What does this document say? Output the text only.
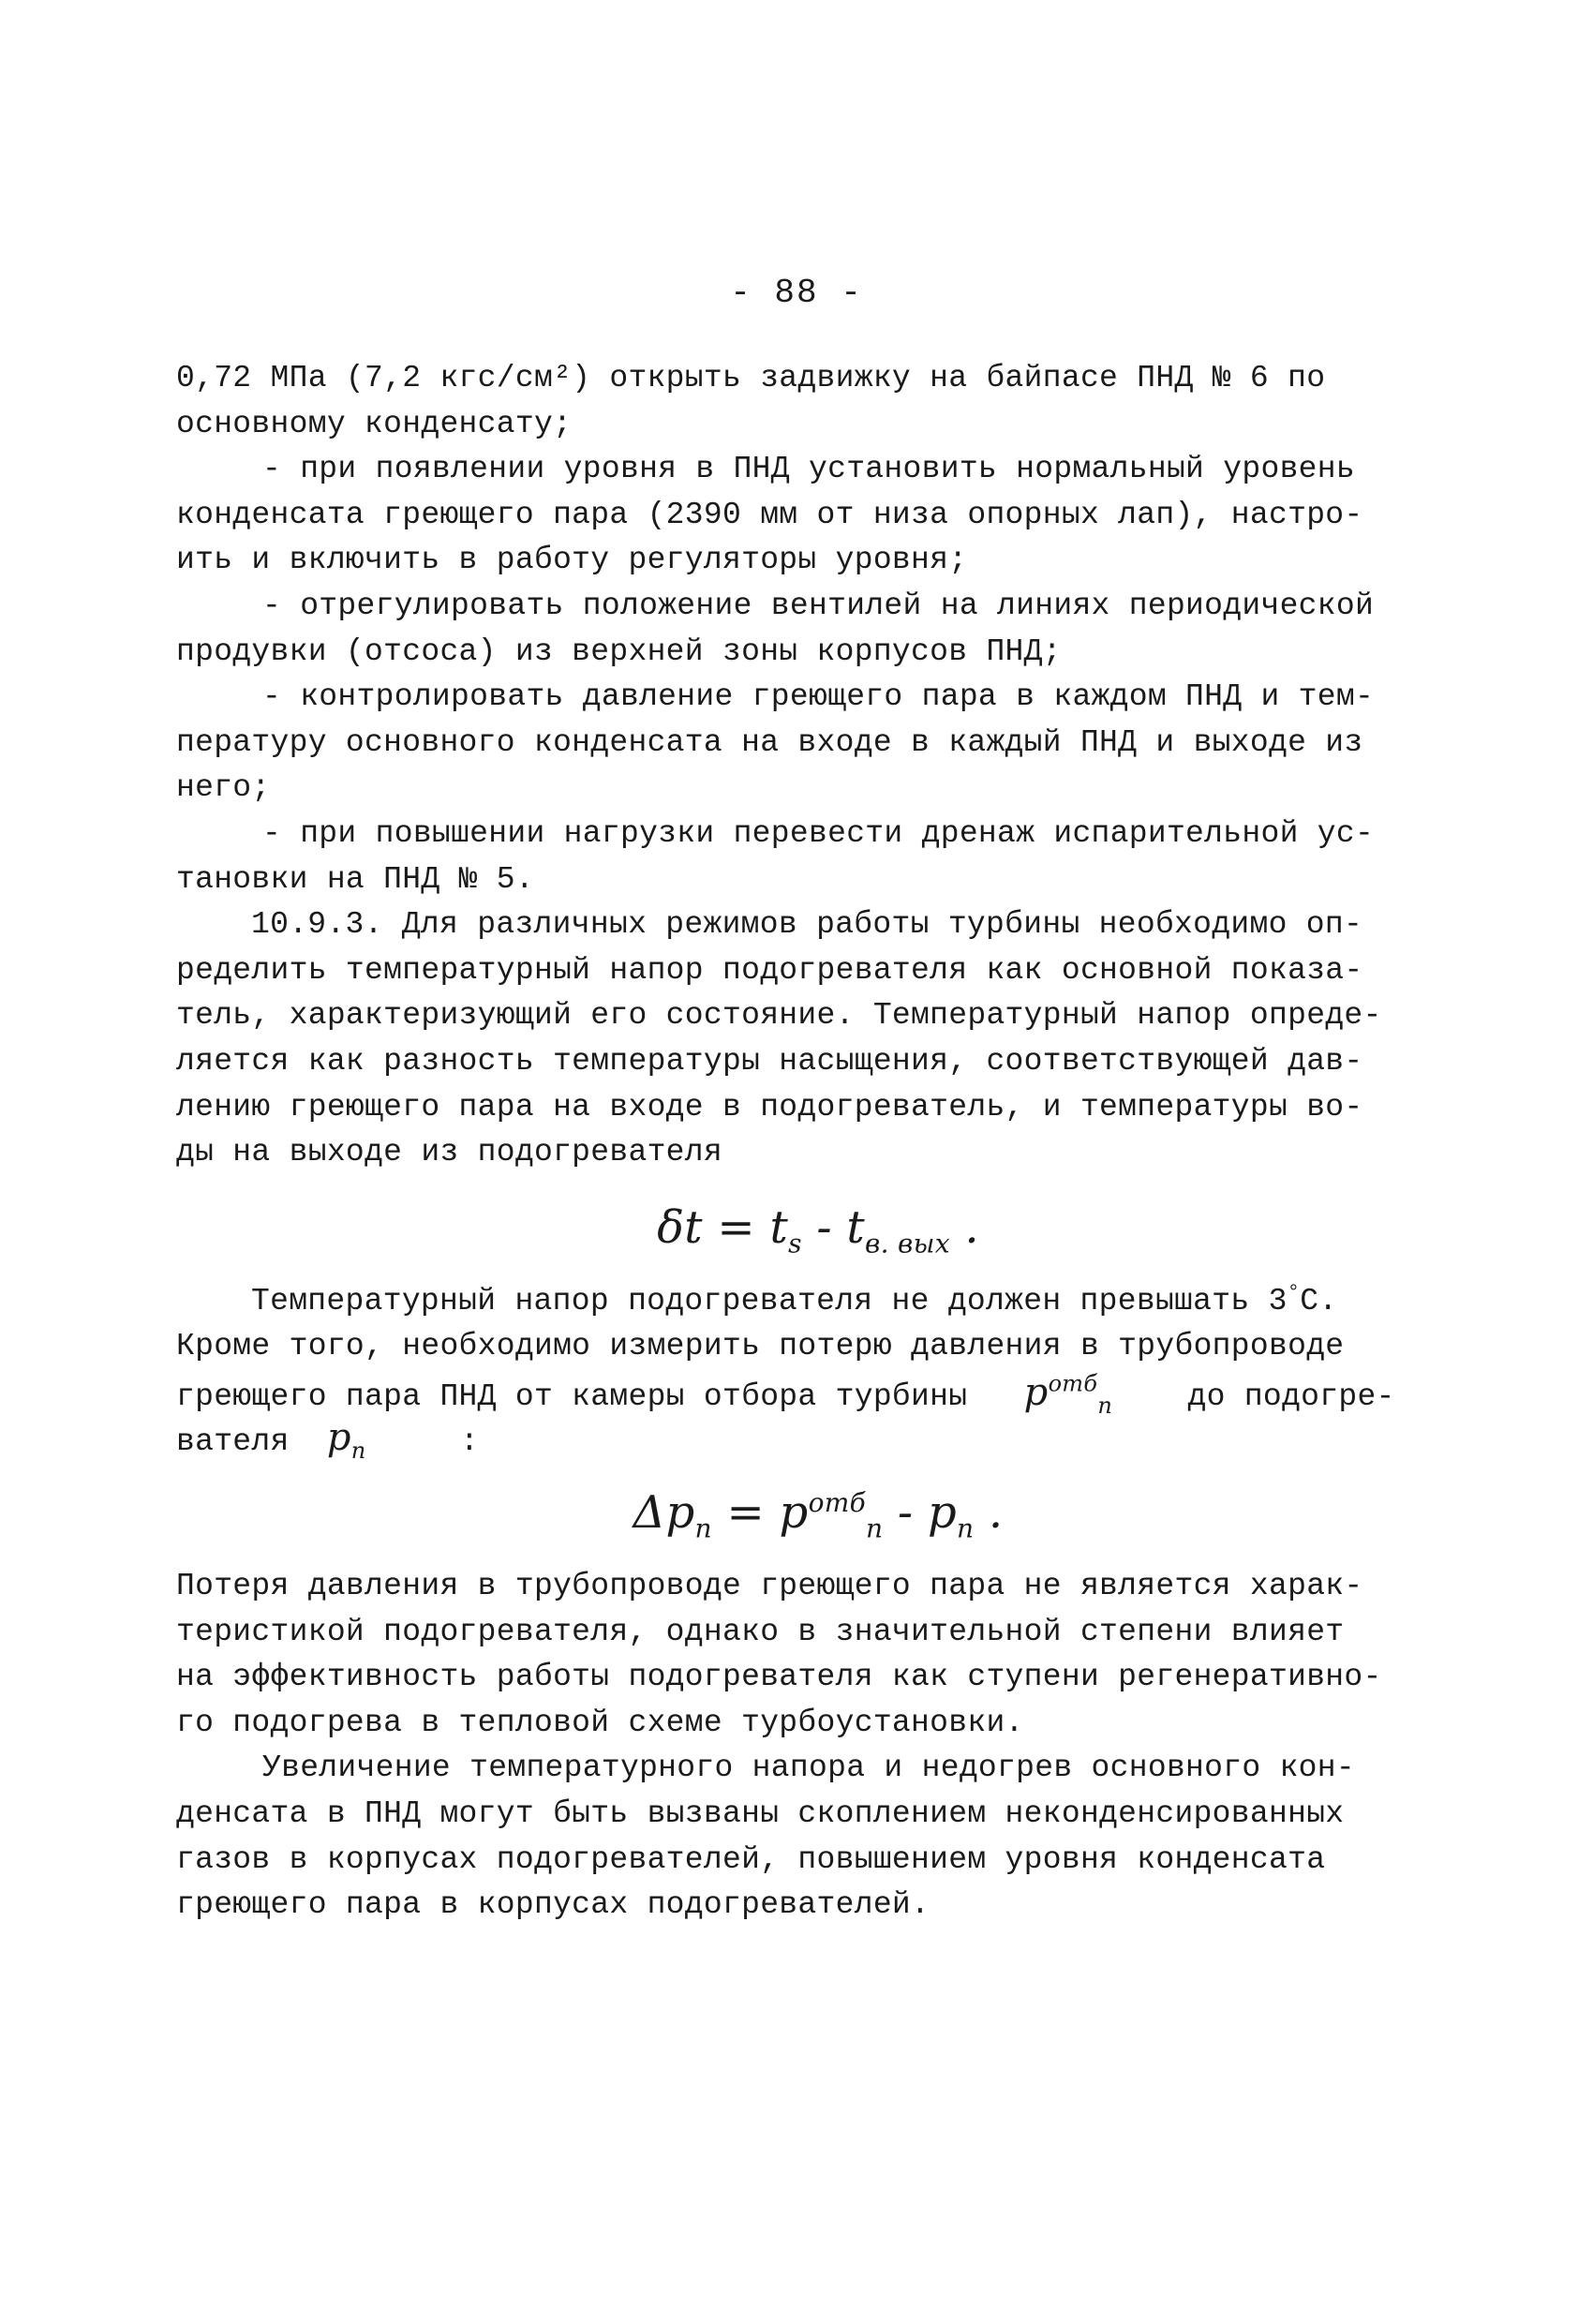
- 88 -
0,72 МПа (7,2 кгс/см²) открыть задвижку на байпасе ПНД № 6 по
основному конденсату;
- при появлении уровня в ПНД установить нормальный уровень
конденсата греющего пара (2390 мм от низа опорных лап), настро-
ить и включить в работу регуляторы уровня;
- отрегулировать положение вентилей на линиях периодической
продувки (отсоса) из верхней зоны корпусов ПНД;
- контролировать давление греющего пара в каждом ПНД и тем-
пературу основного конденсата на входе в каждый ПНД и выходе из
него;
- при повышении нагрузки перевести дренаж испарительной ус-
тановки на ПНД № 5.
10.9.3. Для различных режимов работы турбины необходимо оп-
ределить температурный напор подогревателя как основной показа-
тель, характеризующий его состояние. Температурный напор опреде-
ляется как разность температуры насыщения, соответствующей дав-
лению греющего пара на входе в подогреватель, и температуры во-
ды на выходе из подогревателя
$\delta t = t_s - t_{в. вых}$ .
Температурный напор подогревателя не должен превышать 3°С.
Кроме того, необходимо измерить потерю давления в трубопроводе
греющего пара ПНД от камеры отбора турбины $p^{отб}_п$ до подогре-
вателя $p_п$	:
$\Delta p_п = p^{отб}_п - p_п$ .
Потеря давления в трубопроводе греющего пара не является харак-
теристикой подогревателя, однако в значительной степени влияет
на эффективность работы подогревателя как ступени регенеративно-
го подогрева в тепловой схеме турбоустановки.
Увеличение температурного напора и недогрев основного кон-
денсата в ПНД могут быть вызваны скоплением неконденсированных
газов в корпусах подогревателей, повышением уровня конденсата
греющего пара в корпусах подогревателей.
